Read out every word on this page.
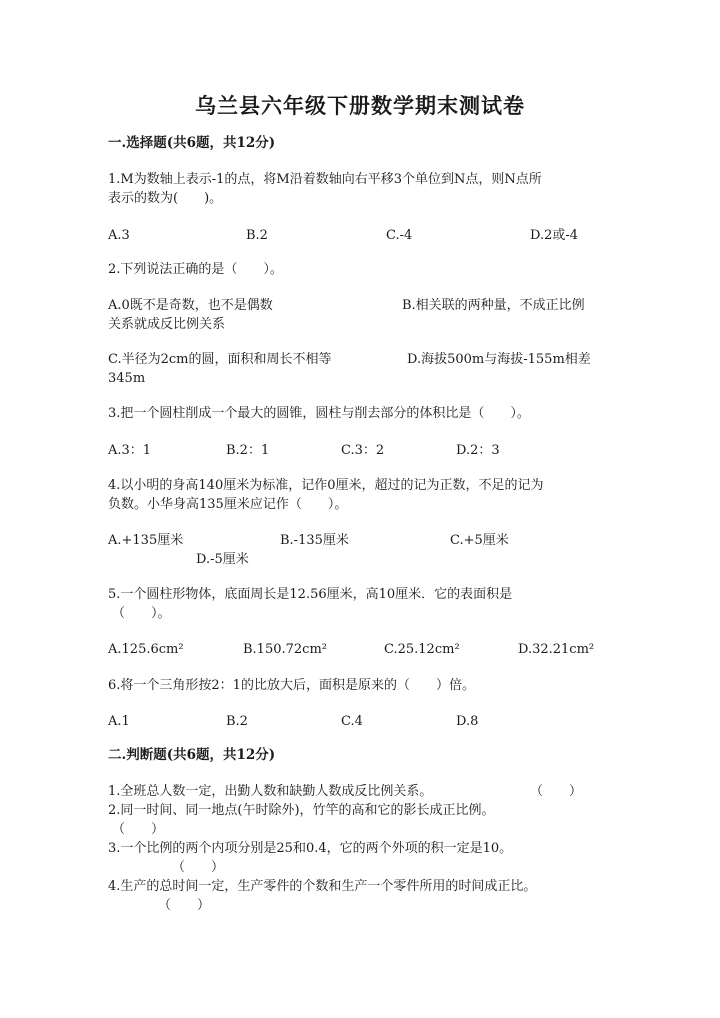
乌兰县六年级下册数学期末测试卷
一.选择题(共6题，共12分)
1.M为数轴上表示-1的点，将M沿着数轴向右平移3个单位到N点，则N点所
表示的数为(　　)。
A.3	B.2	C.-4	D.2或-4
2.下列说法正确的是（　　）。
A.0既不是奇数，也不是偶数	B.相关联的两种量，不成正比例
关系就成反比例关系
C.半径为2cm的圆，面积和周长不相等	D.海拔500m与海拔-155m相差
345m
3.把一个圆柱削成一个最大的圆锥，圆柱与削去部分的体积比是（　　）。
A.3：1	B.2：1	C.3：2	D.2：3
4.以小明的身高140厘米为标准，记作0厘米，超过的记为正数，不足的记为
负数。小华身高135厘米应记作（　　）。
A.+135厘米	B.-135厘米	C.+5厘米
D.-5厘米
5.一个圆柱形物体，底面周长是12.56厘米，高10厘米．它的表面积是
（　　）。
A.125.6cm²	B.150.72cm²	C.25.12cm²	D.32.21cm²
6.将一个三角形按2：1的比放大后，面积是原来的（　　）倍。
A.1	B.2	C.4	D.8
二.判断题(共6题，共12分)
1.全班总人数一定，出勤人数和缺勤人数成反比例关系。	（　　）
2.同一时间、同一地点(午时除外)，竹竿的高和它的影长成正比例。
（　　）
3.一个比例的两个内项分别是25和0.4，它的两个外项的积一定是10。
（　　）
4.生产的总时间一定，生产零件的个数和生产一个零件所用的时间成正比。
（　　）
